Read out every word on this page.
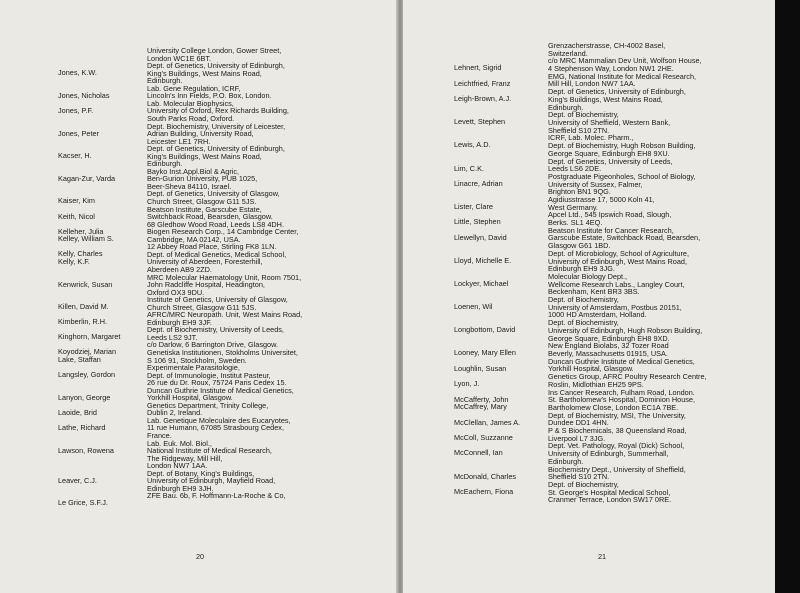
University College London, Gower Street,
London WC1E 6BT.
Jones, K.W.
Dept. of Genetics, University of Edinburgh,
King's Buildings, West Mains Road,
Edinburgh.
Jones, Nicholas
Lab. Gene Regulation, ICRF,
Lincoln's Inn Fields, P.O. Box, London.
Jones, P.F.
Lab. Molecular Biophysics,
University of Oxford, Rex Richards Building,
South Parks Road, Oxford.
Jones, Peter
Dept. Biochemistry, University of Leicester,
Adrian Building, University Road,
Leicester LE1 7RH.
Kacser, H.
Dept. of Genetics, University of Edinburgh,
King's Buildings, West Mains Road,
Edinburgh.
Kagan-Zur, Varda
Bayko Inst.Appl.Biol & Agric,
Ben-Gurion University, PUB 1025,
Beer-Sheva 84110, Israel.
Kaiser, Kim
Dept. of Genetics, University of Glasgow,
Church Street, Glasgow G11 5JS.
Keith, Nicol
Beatson Institute, Garscube Estate,
Switchback Road, Bearsden, Glasgow.
Kelleher, Julia
68 Gledhow Wood Road, Leeds LS8 4DH.
Kelley, William S.
Biogen Research Corp., 14 Cambridge Center,
Cambridge, MA 02142, USA.
Kelly, Charles
12 Abbey Road Place, Stirling FK8 1LN.
Kelly, K.F.
Dept. of Medical Genetics, Medical School,
University of Aberdeen, Foresterhill,
Aberdeen AB9 2ZD.
Kenwrick, Susan
MRC Molecular Haematology Unit, Room 7501,
John Radcliffe Hospital, Headington,
Oxford OX3 9DU.
Killen, David M.
Institute of Genetics, University of Glasgow,
Church Street, Glasgow G11 5JS.
Kimberlin, R.H.
AFRC/MRC Neuropath. Unit, West Mains Road,
Edinburgh EH9 3JF.
Kinghorn, Margaret
Dept. of Biochemistry, University of Leeds,
Leeds LS2 9JT.
Koyodziej, Marian
c/o Darlow, 6 Barrington Drive, Glasgow.
Lake, Staffan
Genetiska Institutionen, Stokholms Universitet,
S 106 91, Stockholm, Sweden.
Langsley, Gordon
Experimentale Parasitologie,
Dept. of Immunologie, Institut Pasteur,
26 rue du Dr. Roux, 75724 Paris Cedex 15.
Lanyon, George
Duncan Guthrie Institute of Medical Genetics,
Yorkhill Hospital, Glasgow.
Laoide, Brid
Genetics Department, Trinity College,
Dublin 2, Ireland.
Lathe, Richard
Lab. Genetique Moleculaire des Eucaryotes,
11 rue Humann, 67085 Strasbourg Cedex,
France.
Lawson, Rowena
Lab. Euk. Mol. Biol.,
National Institute of Medical Research,
The Ridgeway, Mill Hill,
London NW7 1AA.
Leaver, C.J.
Dept. of Botany, King's Buildings,
University of Edinburgh, Mayfield Road,
Edinburgh EH9 3JH.
Le Grice, S.F.J.
ZFE Bau. 6b, F. Hoffmann-La-Roche & Co,
20
Grenzacherstrasse, CH-4002 Basel,
Switzerland.
Lehnert, Sigrid
c/o MRC Mammalian Dev Unit, Wolfson House,
4 Stephenson Way, London NW1 2HE.
Leichtfried, Franz
EMG, National Institute for Medical Research,
Mill Hill, London NW7 1AA.
Leigh-Brown, A.J.
Dept. of Genetics, University of Edinburgh,
King's Buildings, West Mains Road,
Edinburgh.
Levett, Stephen
Dept. of Biochemistry,
University of Sheffield, Western Bank,
Sheffield S10 2TN.
Lewis, A.D.
ICRF, Lab. Molec. Pharm.,
Dept. of Biochemistry, Hugh Robson Building,
George Square, Edinburgh EH8 9XU.
Lim, C.K.
Dept. of Genetics, University of Leeds,
Leeds LS6 2DE.
Linacre, Adrian
Postgraduate Pigeonholes, School of Biology,
University of Sussex, Falmer,
Brighton BN1 9QG.
Lister, Clare
Agidiusstrasse 17, 5000 Koln 41,
West Germany.
Little, Stephen
Apcel Ltd., 545 Ipswich Road, Slough,
Berks. SL1 4EQ.
Llewellyn, David
Beatson Institute for Cancer Research,
Garscube Estate, Switchback Road, Bearsden,
Glasgow G61 1BD.
Lloyd, Michelle E.
Dept. of Microbiology, School of Agriculture,
University of Edinburgh, West Mains Road,
Edinburgh EH9 3JG.
Lockyer, Michael
Molecular Biology Dept.,
Wellcome Research Labs., Langley Court,
Beckenham, Kent BR3 3BS.
Loenen, Wil
Dept. of Biochemistry,
University of Amsterdam, Postbus 20151,
1000 HD Amsterdam, Holland.
Longbottom, David
Dept. of Biochemistry,
University of Edinburgh, Hugh Robson Building,
George Square, Edinburgh EH8 9XD.
Looney, Mary Ellen
New England Biolabs, 32 Tozer Road
Beverly, Massachusetts 01915, USA.
Loughlin, Susan
Duncan Guthrie Institute of Medical Genetics,
Yorkhill Hospital, Glasgow.
Lyon, J.
Genetics Group, AFRC Poultry Research Centre,
Roslin, Midlothian EH25 9PS.
McCafferty, John
Ins Cancer Research, Fulham Road, London.
McCaffrey, Mary
St. Bartholomew's Hospital, Dominion House,
Bartholomew Close, London EC1A 7BE.
McClellan, James A.
Dept. of Biochemistry, MSI, The University,
Dundee DD1 4HN.
McColl, Suzzanne
P & S Biochemicals, 38 Queensland Road,
Liverpool L7 3JG.
McConnell, Ian
Dept. Vet. Pathology, Royal (Dick) School,
University of Edinburgh, Summerhall,
Edinburgh.
McDonald, Charles
Biochemistry Dept., University of Sheffield,
Sheffield S10 2TN.
McEachern, Fiona
Dept. of Biochemistry,
St. George's Hospital Medical School,
Cranmer Terrace, London SW17 0RE.
21
